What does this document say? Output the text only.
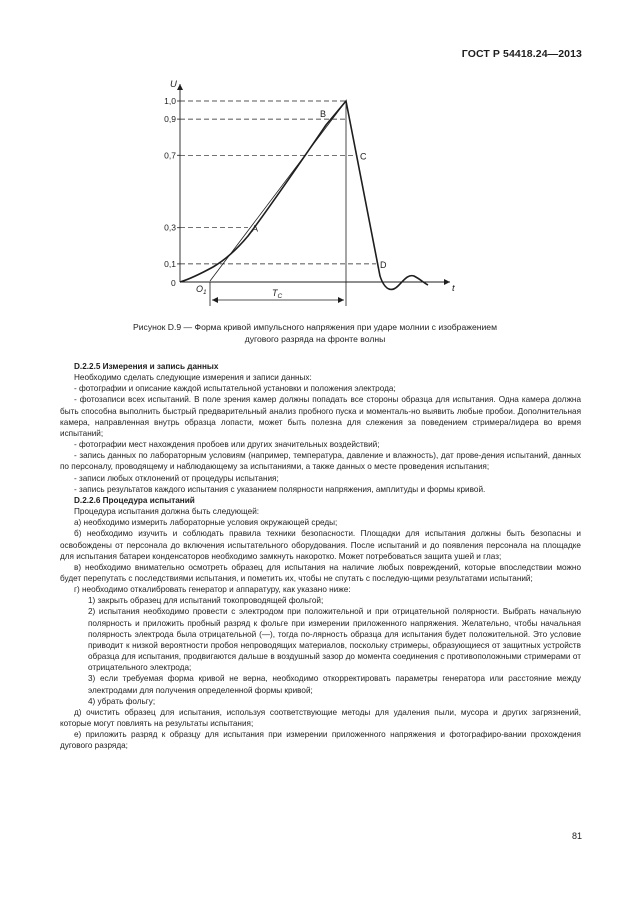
ГОСТ Р 54418.24—2013
U
t
0
1,0
0,9
0,7
0,3
0,1
$O_1$	$T_C$
A
B
C
D
Рисунок D.9 — Форма кривой импульсного напряжения при ударе молнии с изображением
дугового разряда на фронте волны

D.2.2.5 Измерения и запись данных

Необходимо сделать следующие измерения и записи данных:

- фотографии и описание каждой испытательной установки и положения электрода;

- фотозаписи всех испытаний. В поле зрения камер должны попадать все стороны образца для испытания. Одна камера должна быть способна выполнить быстрый предварительный анализ пробного пуска и моменталь-но выявить любые пробои. Дополнительная камера, направленная внутрь образца лопасти, может быть полезна для слежения за поведением стримера/лидера во время испытаний;

- фотографии мест нахождения пробоев или других значительных воздействий;

- запись данных по лабораторным условиям (например, температура, давление и влажность), дат прове-дения испытаний, данных по персоналу, проводящему и наблюдающему за испытаниями, а также данных о месте проведения испытания;

- записи любых отклонений от процедуры испытания;

- запись результатов каждого испытания с указанием полярности напряжения, амплитуды и формы кривой.

D.2.2.6 Процедура испытаний

Процедура испытания должна быть следующей:

а) необходимо измерить лабораторные условия окружающей среды;

б) необходимо изучить и соблюдать правила техники безопасности. Площадки для испытания должны быть безопасны и освобождены от персонала до включения испытательного оборудования. После испытаний и до появления персонала на площадке для испытания батареи конденсаторов необходимо замкнуть накоротко. Может потребоваться защита ушей и глаз;

в) необходимо внимательно осмотреть образец для испытания на наличие любых повреждений, которые впоследствии можно будет перепутать с последствиями испытания, и пометить их, чтобы не спутать с последую-щими результатами испытаний;

г) необходимо откалибровать генератор и аппаратуру, как указано ниже:

1) закрыть образец для испытаний токопроводящей фольгой;

2) испытания необходимо провести с электродом при положительной и при отрицательной полярности. Выбрать начальную полярность и приложить пробный разряд к фольге при измерении приложенного напряжения. Желательно, чтобы начальная полярность электрода была отрицательной (—), тогда по-лярность образца для испытания будет положительной. Это условие приводит к низкой вероятности пробоя непроводящих материалов, поскольку стримеры, образующиеся от защитных устройств образца для испытания, продвигаются дальше в воздушный зазор до момента соединения с противоположными стримерами от отрицательного электрода;

3) если требуемая форма кривой не верна, необходимо откорректировать параметры генератора или расстояние между электродами для получения определенной формы кривой;

4) убрать фольгу;

д) очистить образец для испытания, используя соответствующие методы для удаления пыли, мусора и других загрязнений, которые могут повлиять на результаты испытания;

е) приложить разряд к образцу для испытания при измерении приложенного напряжения и фотографиро-вании прохождения дугового разряда;

81
